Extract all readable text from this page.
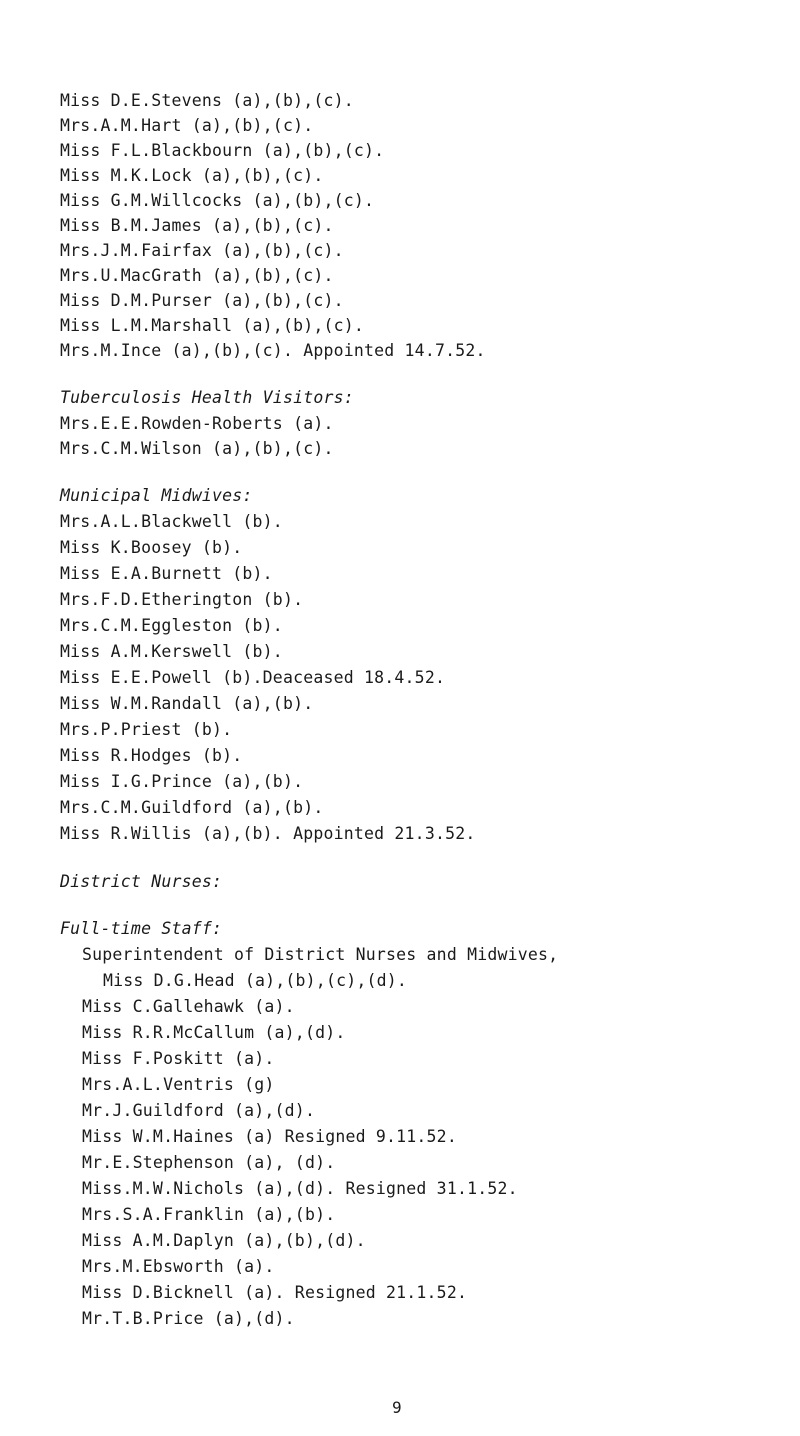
Miss D.E.Stevens (a),(b),(c).
Mrs.A.M.Hart (a),(b),(c).
Miss F.L.Blackbourn (a),(b),(c).
Miss M.K.Lock (a),(b),(c).
Miss G.M.Willcocks (a),(b),(c).
Miss B.M.James (a),(b),(c).
Mrs.J.M.Fairfax (a),(b),(c).
Mrs.U.MacGrath (a),(b),(c).
Miss D.M.Purser (a),(b),(c).
Miss L.M.Marshall (a),(b),(c).
Mrs.M.Ince (a),(b),(c). Appointed 14.7.52.
Tuberculosis Health Visitors:
Mrs.E.E.Rowden-Roberts (a).
Mrs.C.M.Wilson (a),(b),(c).
Municipal Midwives:
Mrs.A.L.Blackwell (b).
Miss K.Boosey (b).
Miss E.A.Burnett (b).
Mrs.F.D.Etherington (b).
Mrs.C.M.Eggleston (b).
Miss A.M.Kerswell (b).
Miss E.E.Powell (b).Deaceased 18.4.52.
Miss W.M.Randall (a),(b).
Mrs.P.Priest (b).
Miss R.Hodges (b).
Miss I.G.Prince (a),(b).
Mrs.C.M.Guildford (a),(b).
Miss R.Willis (a),(b). Appointed 21.3.52.
District Nurses:
Full-time Staff:
Superintendent of District Nurses and Midwives,
Miss D.G.Head (a),(b),(c),(d).
Miss C.Gallehawk (a).
Miss R.R.McCallum (a),(d).
Miss F.Poskitt (a).
Mrs.A.L.Ventris (g)
Mr.J.Guildford (a),(d).
Miss W.M.Haines (a) Resigned 9.11.52.
Mr.E.Stephenson (a), (d).
Miss.M.W.Nichols (a),(d). Resigned 31.1.52.
Mrs.S.A.Franklin (a),(b).
Miss A.M.Daplyn (a),(b),(d).
Mrs.M.Ebsworth (a).
Miss D.Bicknell (a). Resigned 21.1.52.
Mr.T.B.Price (a),(d).
9
